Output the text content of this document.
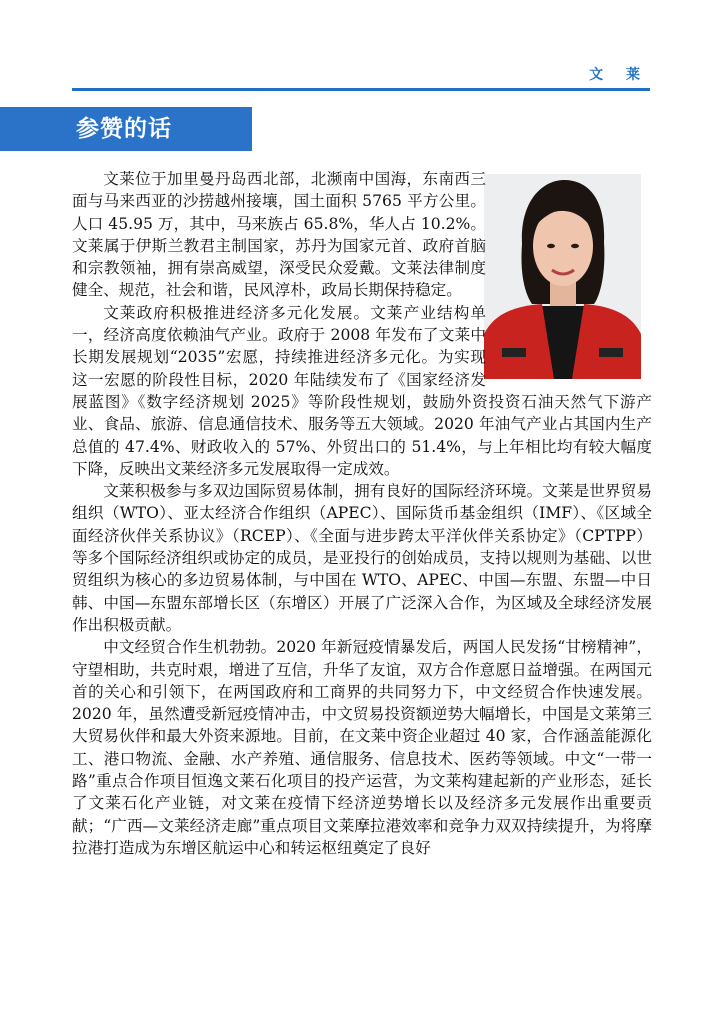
文 莱
参赞的话

文莱位于加里曼丹岛西北部，北濒南中国海，东南西三面与马来西亚的沙捞越州接壤，国土面积 5765 平方公里。人口 45.95 万，其中，马来族占 65.8%，华人占 10.2%。文莱属于伊斯兰教君主制国家，苏丹为国家元首、政府首脑和宗教领袖，拥有崇高威望，深受民众爱戴。文莱法律制度健全、规范，社会和谐，民风淳朴，政局长期保持稳定。

文莱政府积极推进经济多元化发展。文莱产业结构单一，经济高度依赖油气产业。政府于 2008 年发布了文莱中长期发展规划“2035”宏愿，持续推进经济多元化。为实现这一宏愿的阶段性目标，2020 年陆续发布了《国家经济发展蓝图》《数字经济规划 2025》等阶段性规划，鼓励外资投资石油天然气下游产业、食品、旅游、信息通信技术、服务等五大领域。2020 年油气产业占其国内生产总值的 47.4%、财政收入的 57%、外贸出口的 51.4%，与上年相比均有较大幅度下降，反映出文莱经济多元发展取得一定成效。

文莱积极参与多双边国际贸易体制，拥有良好的国际经济环境。文莱是世界贸易组织（WTO）、亚太经济合作组织（APEC）、国际货币基金组织（IMF）、《区域全面经济伙伴关系协议》（RCEP）、《全面与进步跨太平洋伙伴关系协定》（CPTPP）等多个国际经济组织或协定的成员，是亚投行的创始成员，支持以规则为基础、以世贸组织为核心的多边贸易体制，与中国在 WTO、APEC、中国—东盟、东盟—中日韩、中国—东盟东部增长区（东增区）开展了广泛深入合作，为区域及全球经济发展作出积极贡献。

中文经贸合作生机勃勃。2020 年新冠疫情暴发后，两国人民发扬“甘榜精神”，守望相助，共克时艰，增进了互信，升华了友谊，双方合作意愿日益增强。在两国元首的关心和引领下，在两国政府和工商界的共同努力下，中文经贸合作快速发展。2020 年，虽然遭受新冠疫情冲击，中文贸易投资额逆势大幅增长，中国是文莱第三大贸易伙伴和最大外资来源地。目前，在文莱中资企业超过 40 家，合作涵盖能源化工、港口物流、金融、水产养殖、通信服务、信息技术、医药等领域。中文“一带一路”重点合作项目恒逸文莱石化项目的投产运营，为文莱构建起新的产业形态，延长了文莱石化产业链，对文莱在疫情下经济逆势增长以及经济多元发展作出重要贡献；“广西—文莱经济走廊”重点项目文莱摩拉港效率和竞争力双双持续提升，为将摩拉港打造成为东增区航运中心和转运枢纽奠定了良好
